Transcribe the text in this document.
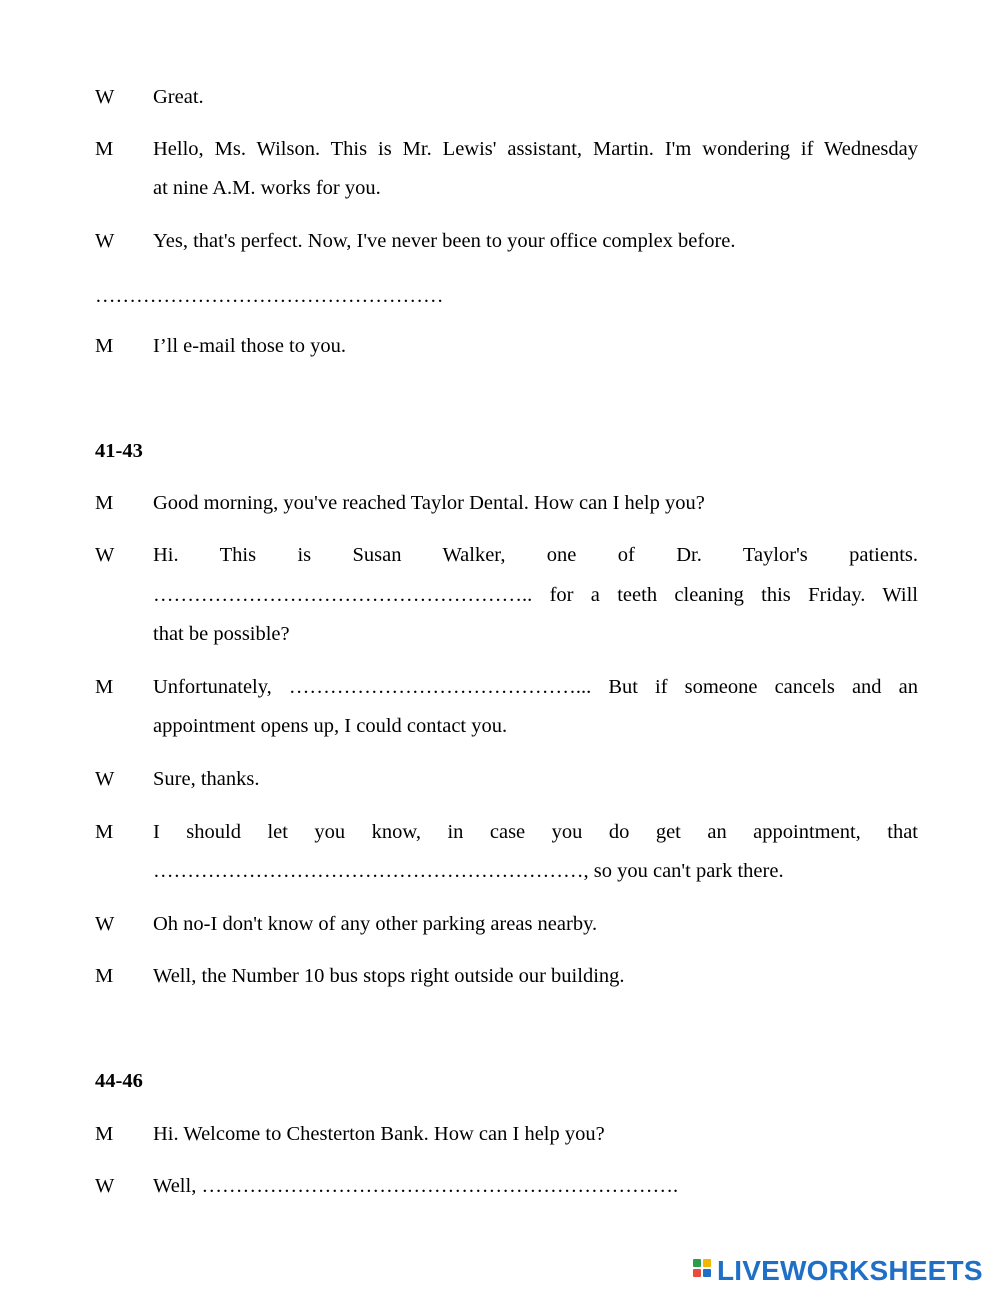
W	Great.
M	Hello, Ms. Wilson. This is Mr. Lewis' assistant, Martin. I'm wondering if Wednesday
at nine A.M. works for you.
W	Yes, that's perfect. Now, I've never been to your office complex before.
……………………………………………
M	I’ll e-mail those to you.
41-43
M	Good morning, you've reached Taylor Dental. How can I help you?
W	Hi. This is Susan Walker, one of Dr. Taylor's patients.
……………………………………………….. for a teeth cleaning this Friday. Will
that be possible?
M	Unfortunately, ……………………………………... But if someone cancels and an
appointment opens up, I could contact you.
W	Sure, thanks.
M	I should let you know, in case you do get an appointment, that
………………………………………………………, so you can't park there.
W	Oh no-I don't know of any other parking areas nearby.
M	Well, the Number 10 bus stops right outside our building.
44-46
M	Hi. Welcome to Chesterton Bank. How can I help you?
W	Well, …………………………………………………………….
LIVEWORKSHEETS
